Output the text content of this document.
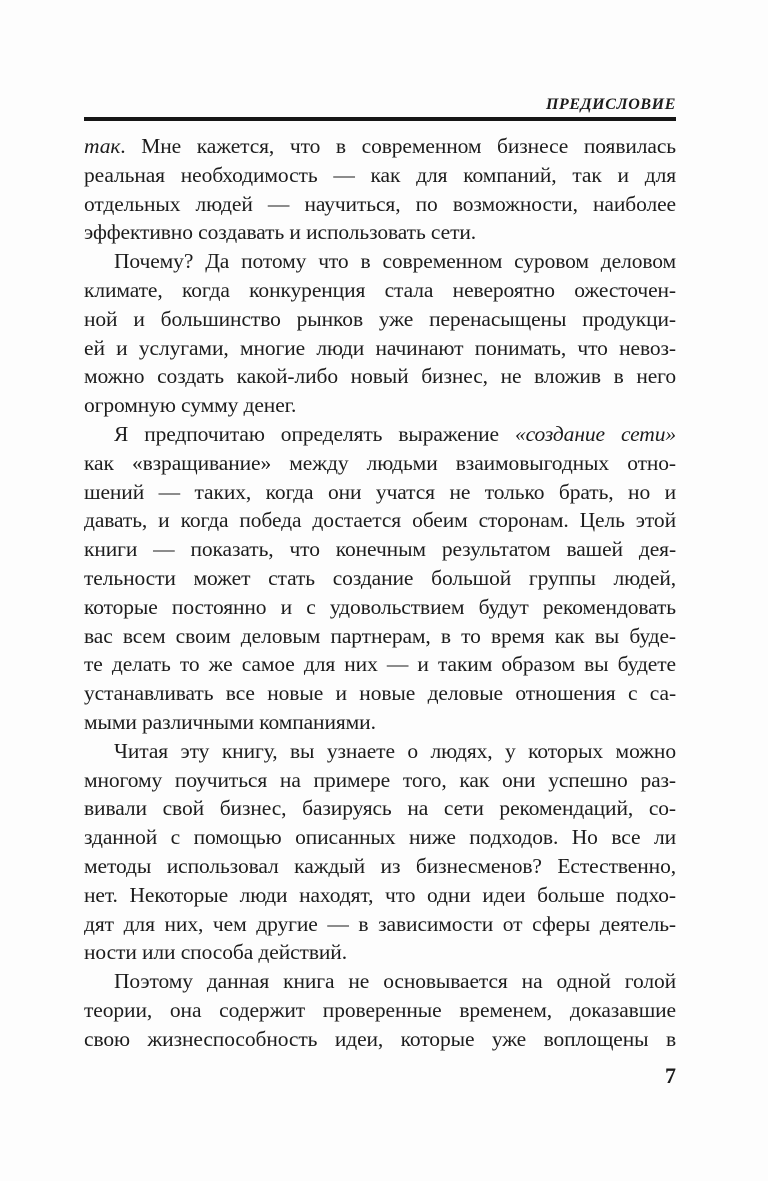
ПРЕДИСЛОВИЕ
так. Мне кажется, что в современном бизнесе появилась
реальная необходимость — как для компаний, так и для
отдельных людей — научиться, по возможности, наиболее
эффективно создавать и использовать сети.
Почему? Да потому что в современном суровом деловом
климате, когда конкуренция стала невероятно ожесточен-
ной и большинство рынков уже перенасыщены продукци-
ей и услугами, многие люди начинают понимать, что невоз-
можно создать какой-либо новый бизнес, не вложив в него
огромную сумму денег.
Я предпочитаю определять выражение «создание сети»
как «взращивание» между людьми взаимовыгодных отно-
шений — таких, когда они учатся не только брать, но и
давать, и когда победа достается обеим сторонам. Цель этой
книги — показать, что конечным результатом вашей дея-
тельности может стать создание большой группы людей,
которые постоянно и с удовольствием будут рекомендовать
вас всем своим деловым партнерам, в то время как вы буде-
те делать то же самое для них — и таким образом вы будете
устанавливать все новые и новые деловые отношения с са-
мыми различными компаниями.
Читая эту книгу, вы узнаете о людях, у которых можно
многому поучиться на примере того, как они успешно раз-
вивали свой бизнес, базируясь на сети рекомендаций, со-
зданной с помощью описанных ниже подходов. Но все ли
методы использовал каждый из бизнесменов? Естественно,
нет. Некоторые люди находят, что одни идеи больше подхо-
дят для них, чем другие — в зависимости от сферы деятель-
ности или способа действий.
Поэтому данная книга не основывается на одной голой
теории, она содержит проверенные временем, доказавшие
свою жизнеспособность идеи, которые уже воплощены в
7
